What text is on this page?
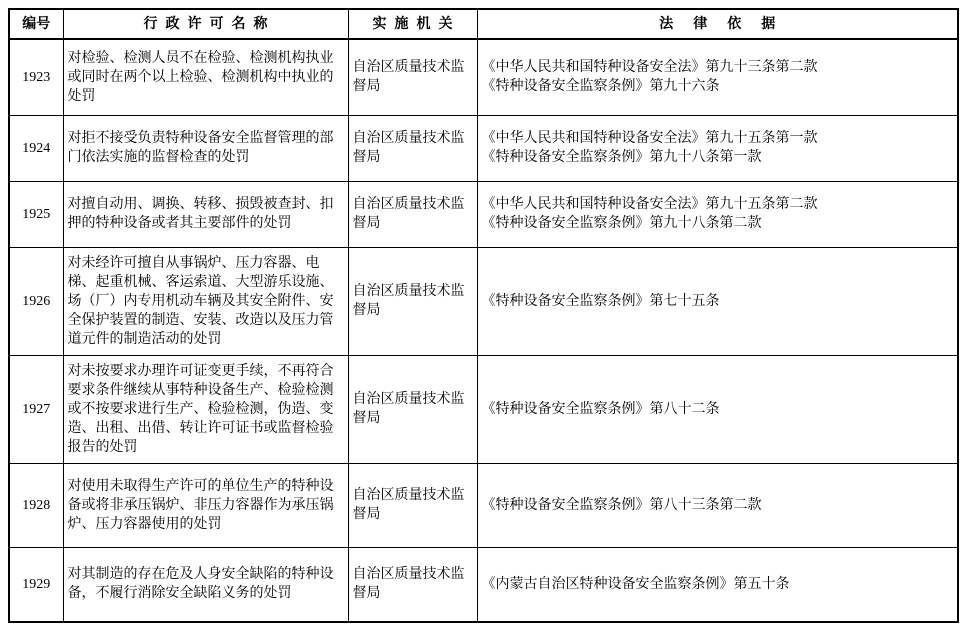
编号	行政许可名称	实施机关	法律依据
1923	对检验、检测人员不在检验、检测机构执业或同时在两个以上检验、检测机构中执业的处罚	自治区质量技术监督局	《中华人民共和国特种设备安全法》第九十三条第二款
《特种设备安全监察条例》第九十六条

1924	对拒不接受负责特种设备安全监督管理的部门依法实施的监督检查的处罚	自治区质量技术监督局	《中华人民共和国特种设备安全法》第九十五条第一款
《特种设备安全监察条例》第九十八条第一款

1925	对擅自动用、调换、转移、损毁被查封、扣押的特种设备或者其主要部件的处罚	自治区质量技术监督局	《中华人民共和国特种设备安全法》第九十五条第二款
《特种设备安全监察条例》第九十八条第二款

1926	对未经许可擅自从事锅炉、压力容器、电梯、起重机械、客运索道、大型游乐设施、场（厂）内专用机动车辆及其安全附件、安全保护装置的制造、安装、改造以及压力管道元件的制造活动的处罚	自治区质量技术监督局	《特种设备安全监察条例》第七十五条

1927	对未按要求办理许可证变更手续，不再符合要求条件继续从事特种设备生产、检验检测或不按要求进行生产、检验检测，伪造、变造、出租、出借、转让许可证书或监督检验报告的处罚	自治区质量技术监督局	《特种设备安全监察条例》第八十二条

1928	对使用未取得生产许可的单位生产的特种设备或将非承压锅炉、非压力容器作为承压锅炉、压力容器使用的处罚	自治区质量技术监督局	《特种设备安全监察条例》第八十三条第二款

1929	对其制造的存在危及人身安全缺陷的特种设备，不履行消除安全缺陷义务的处罚	自治区质量技术监督局	《内蒙古自治区特种设备安全监察条例》第五十条
